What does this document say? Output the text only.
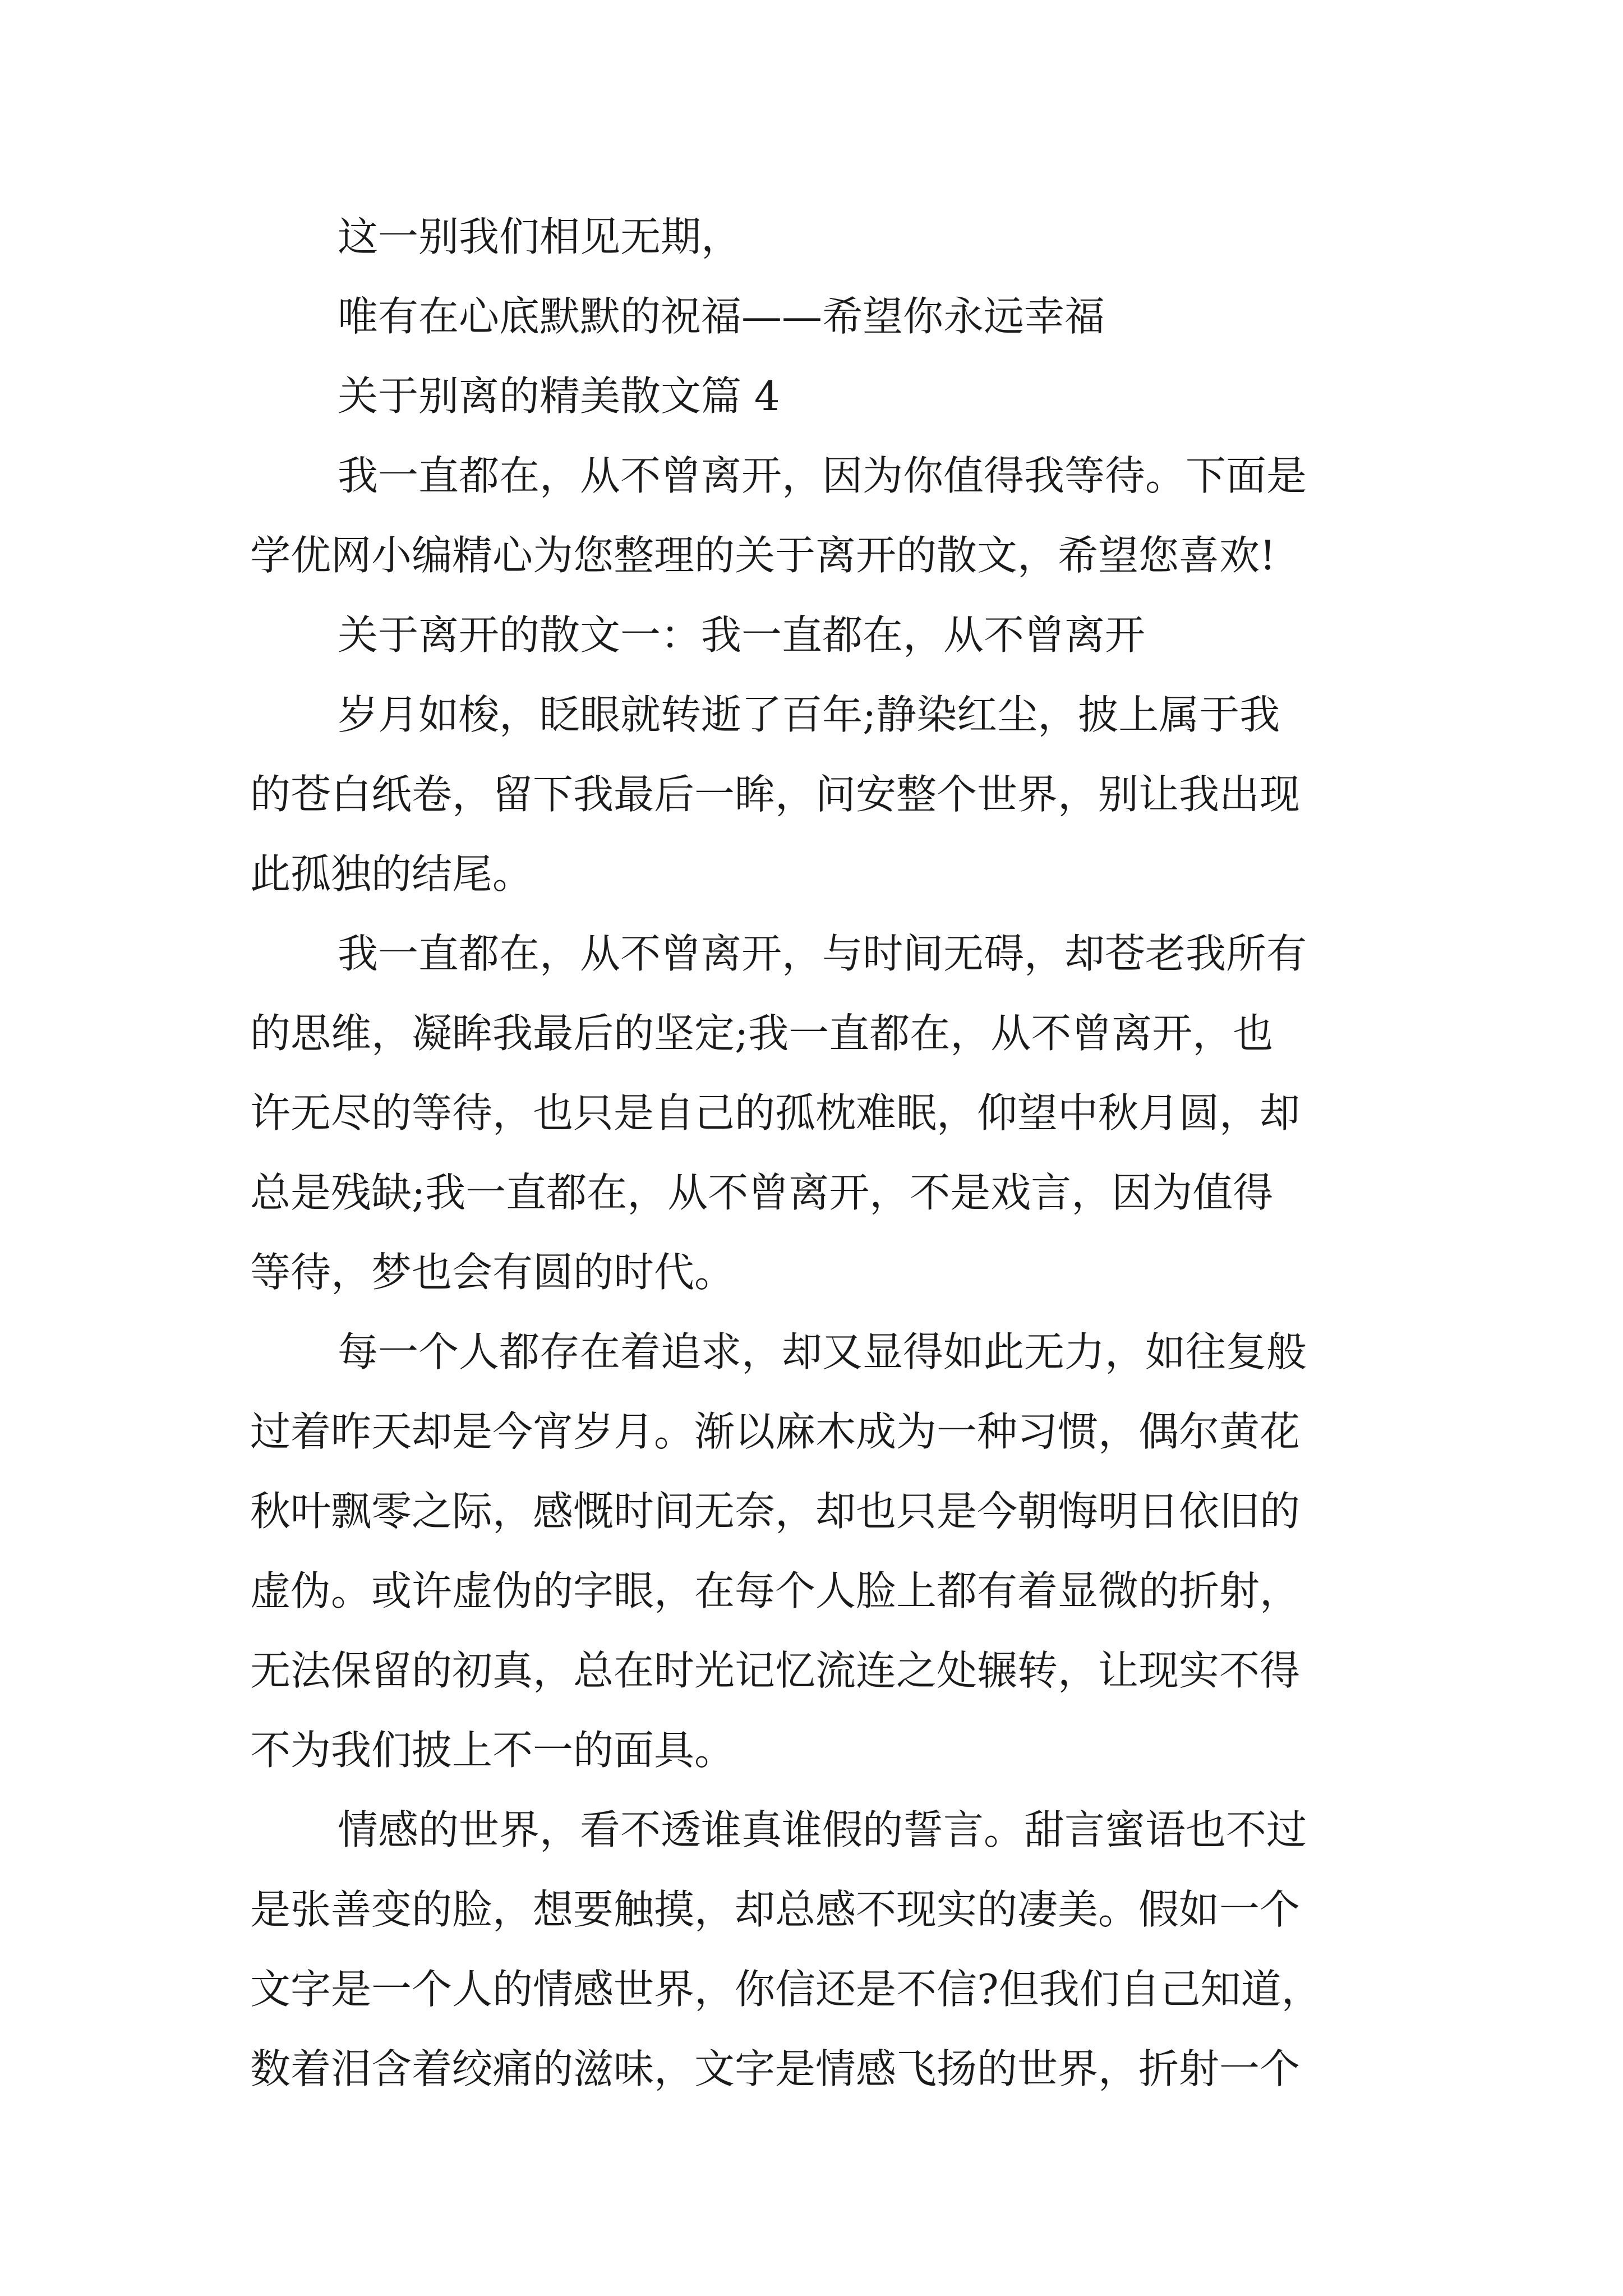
这一别我们相见无期，
唯有在心底默默的祝福——希望你永远幸福
关于别离的精美散文篇 4
我一直都在，从不曾离开，因为你值得我等待。下面是
学优网小编精心为您整理的关于离开的散文，希望您喜欢!
关于离开的散文一：我一直都在，从不曾离开
岁月如梭，眨眼就转逝了百年;静染红尘，披上属于我
的苍白纸卷，留下我最后一眸，问安整个世界，别让我出现
此孤独的结尾。
我一直都在，从不曾离开，与时间无碍，却苍老我所有
的思维，凝眸我最后的坚定;我一直都在，从不曾离开，也
许无尽的等待，也只是自己的孤枕难眠，仰望中秋月圆，却
总是残缺;我一直都在，从不曾离开，不是戏言，因为值得
等待，梦也会有圆的时代。
每一个人都存在着追求，却又显得如此无力，如往复般
过着昨天却是今宵岁月。渐以麻木成为一种习惯，偶尔黄花
秋叶飘零之际，感慨时间无奈，却也只是今朝悔明日依旧的
虚伪。或许虚伪的字眼，在每个人脸上都有着显微的折射，
无法保留的初真，总在时光记忆流连之处辗转，让现实不得
不为我们披上不一的面具。
情感的世界，看不透谁真谁假的誓言。甜言蜜语也不过
是张善变的脸，想要触摸，却总感不现实的凄美。假如一个
文字是一个人的情感世界，你信还是不信?但我们自己知道，
数着泪含着绞痛的滋味，文字是情感飞扬的世界，折射一个
